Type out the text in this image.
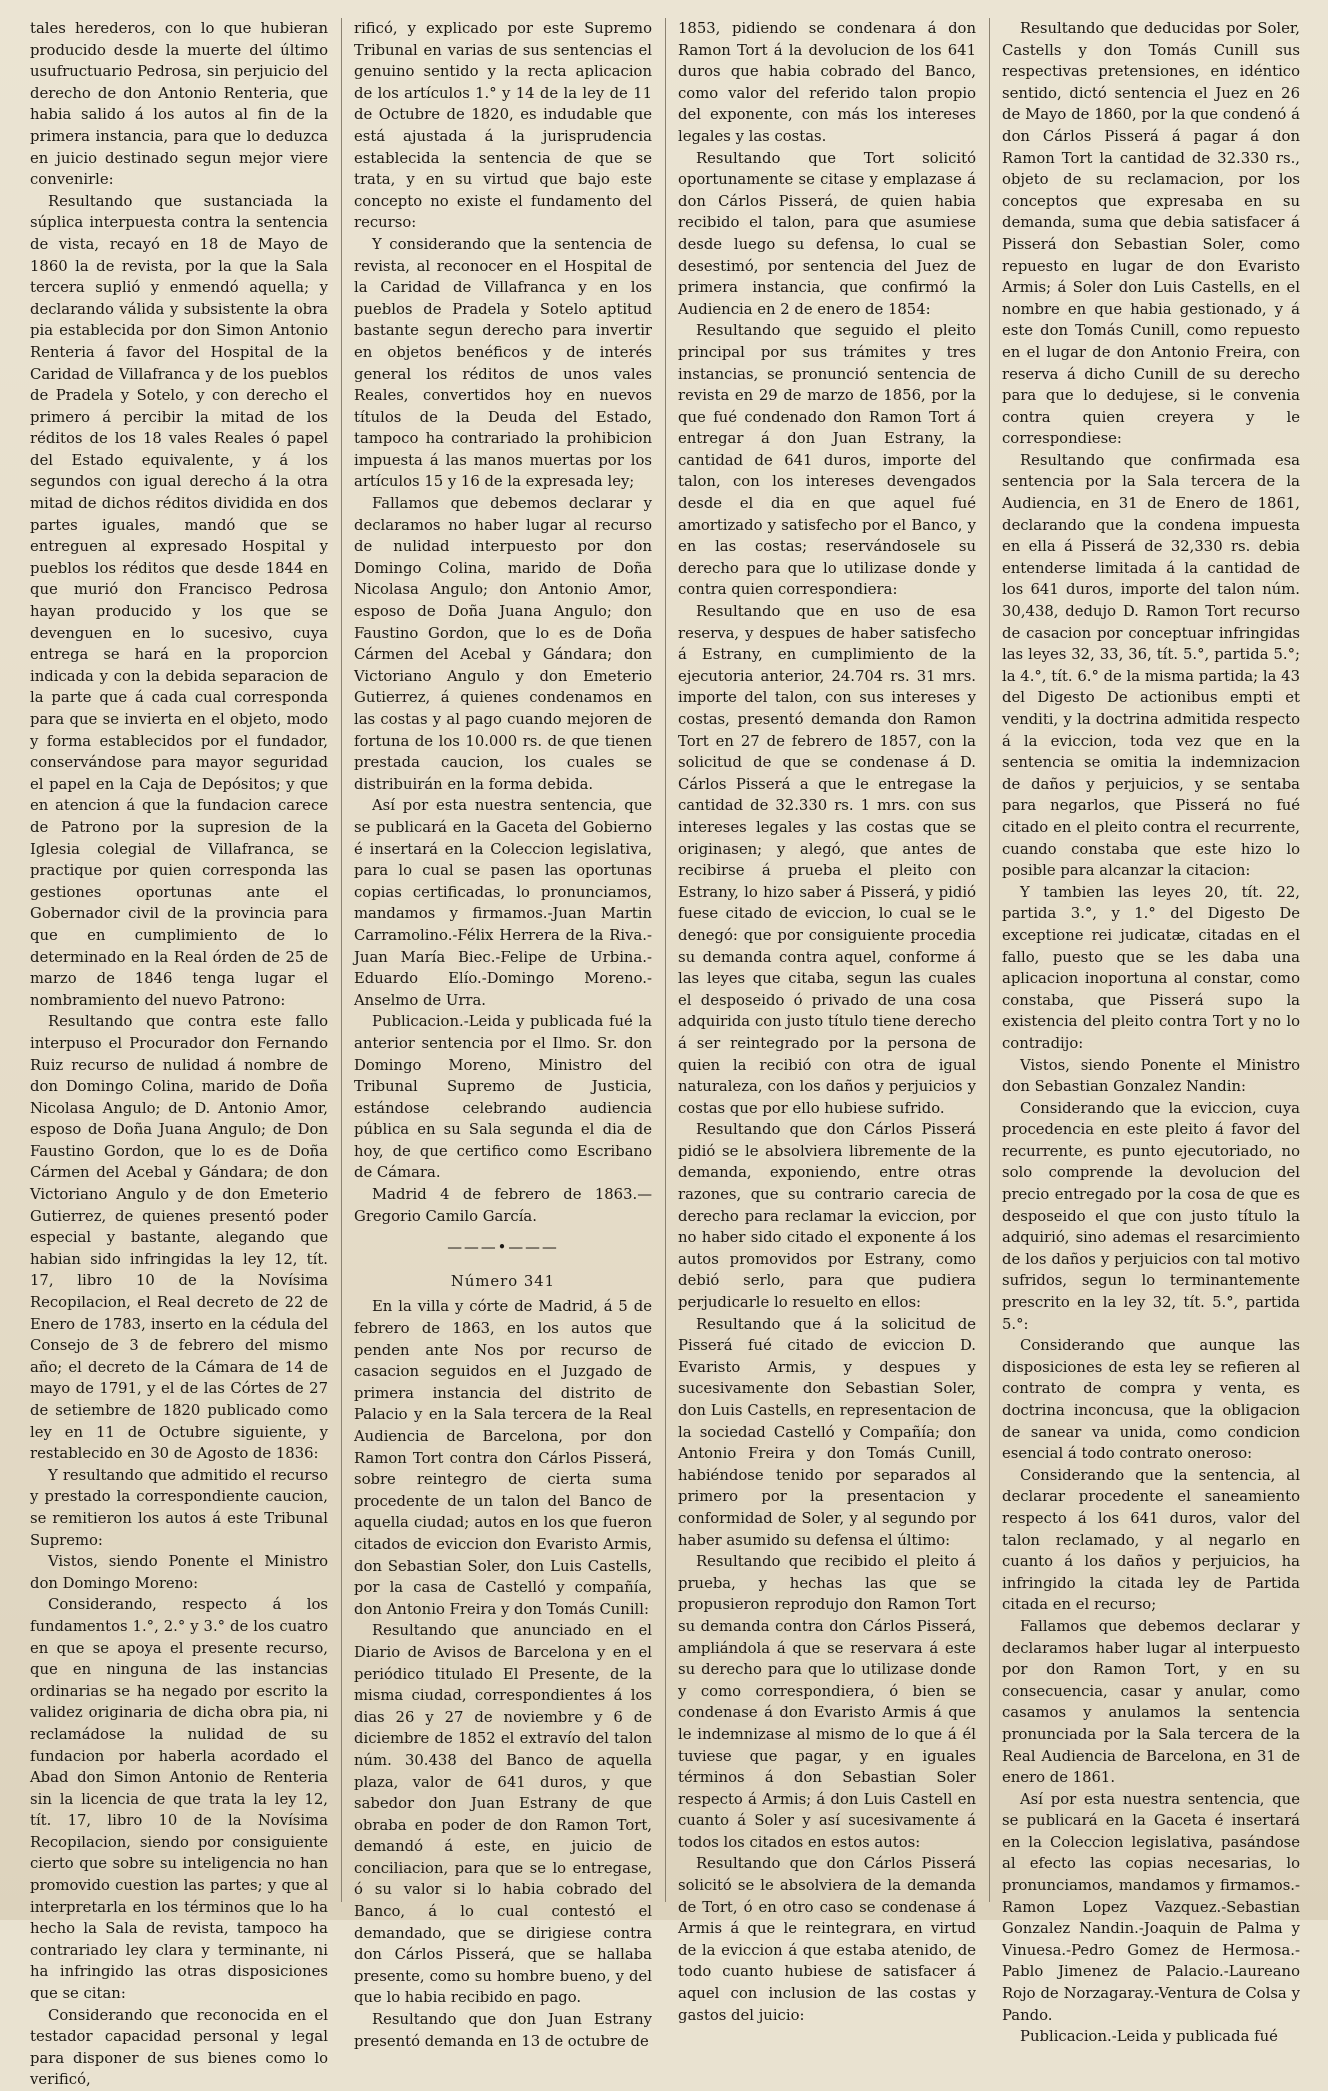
tales herederos, con lo que hubieran producido desde la muerte del último usufructuario Pedrosa, sin perjuicio del derecho de don Antonio Renteria, que habia salido á los autos al fin de la primera instancia, para que lo deduzca en juicio destinado segun mejor viere convenirle:

Resultando que sustanciada la súplica interpuesta contra la sentencia de vista, recayó en 18 de Mayo de 1860 la de revista, por la que la Sala tercera suplió y enmendó aquella; y declarando válida y subsistente la obra pia establecida por don Simon Antonio Renteria á favor del Hospital de la Caridad de Villafranca y de los pueblos de Pradela y Sotelo, y con derecho el primero á percibir la mitad de los réditos de los 18 vales Reales ó papel del Estado equivalente, y á los segundos con igual derecho á la otra mitad de dichos réditos dividida en dos partes iguales, mandó que se entreguen al expresado Hospital y pueblos los réditos que desde 1844 en que murió don Francisco Pedrosa hayan producido y los que se devenguen en lo sucesivo, cuya entrega se hará en la proporcion indicada y con la debida separacion de la parte que á cada cual corresponda para que se invierta en el objeto, modo y forma establecidos por el fundador, conservándose para mayor seguridad el papel en la Caja de Depósitos; y que en atencion á que la fundacion carece de Patrono por la supresion de la Iglesia colegial de Villafranca, se practique por quien corresponda las gestiones oportunas ante el Gobernador civil de la provincia para que en cumplimiento de lo determinado en la Real órden de 25 de marzo de 1846 tenga lugar el nombramiento del nuevo Patrono:

Resultando que contra este fallo interpuso el Procurador don Fernando Ruiz recurso de nulidad á nombre de don Domingo Colina, marido de Doña Nicolasa Angulo; de D. Antonio Amor, esposo de Doña Juana Angulo; de Don Faustino Gordon, que lo es de Doña Cármen del Acebal y Gándara; de don Victoriano Angulo y de don Emeterio Gutierrez, de quienes presentó poder especial y bastante, alegando que habian sido infringidas la ley 12, tít. 17, libro 10 de la Novísima Recopilacion, el Real decreto de 22 de Enero de 1783, inserto en la cédula del Consejo de 3 de febrero del mismo año; el decreto de la Cámara de 14 de mayo de 1791, y el de las Córtes de 27 de setiembre de 1820 publicado como ley en 11 de Octubre siguiente, y restablecido en 30 de Agosto de 1836:

Y resultando que admitido el recurso y prestado la correspondiente caucion, se remitieron los autos á este Tribunal Supremo:

Vistos, siendo Ponente el Ministro don Domingo Moreno:

Considerando, respecto á los fundamentos 1.°, 2.° y 3.° de los cuatro en que se apoya el presente recurso, que en ninguna de las instancias ordinarias se ha negado por escrito la validez originaria de dicha obra pia, ni reclamádose la nulidad de su fundacion por haberla acordado el Abad don Simon Antonio de Renteria sin la licencia de que trata la ley 12, tít. 17, libro 10 de la Novísima Recopilacion, siendo por consiguiente cierto que sobre su inteligencia no han promovido cuestion las partes; y que al interpretarla en los términos que lo ha hecho la Sala de revista, tampoco ha contrariado ley clara y terminante, ni ha infringido las otras disposiciones que se citan:

Considerando que reconocida en el testador capacidad personal y legal para disponer de sus bienes como lo verificó,

rificó, y explicado por este Supremo Tribunal en varias de sus sentencias el genuino sentido y la recta aplicacion de los artículos 1.° y 14 de la ley de 11 de Octubre de 1820, es indudable que está ajustada á la jurisprudencia establecida la sentencia de que se trata, y en su virtud que bajo este concepto no existe el fundamento del recurso:

Y considerando que la sentencia de revista, al reconocer en el Hospital de la Caridad de Villafranca y en los pueblos de Pradela y Sotelo aptitud bastante segun derecho para invertir en objetos benéficos y de interés general los réditos de unos vales Reales, convertidos hoy en nuevos títulos de la Deuda del Estado, tampoco ha contrariado la prohibicion impuesta á las manos muertas por los artículos 15 y 16 de la expresada ley;

Fallamos que debemos declarar y declaramos no haber lugar al recurso de nulidad interpuesto por don Domingo Colina, marido de Doña Nicolasa Angulo; don Antonio Amor, esposo de Doña Juana Angulo; don Faustino Gordon, que lo es de Doña Cármen del Acebal y Gándara; don Victoriano Angulo y don Emeterio Gutierrez, á quienes condenamos en las costas y al pago cuando mejoren de fortuna de los 10.000 rs. de que tienen prestada caucion, los cuales se distribuirán en la forma debida.

Así por esta nuestra sentencia, que se publicará en la Gaceta del Gobierno é insertará en la Coleccion legislativa, para lo cual se pasen las oportunas copias certificadas, lo pronunciamos, mandamos y firmamos.-Juan Martin Carramolino.-Félix Herrera de la Riva.-Juan María Biec.-Felipe de Urbina.-Eduardo Elío.-Domingo Moreno.-Anselmo de Urra.

Publicacion.-Leida y publicada fué la anterior sentencia por el Ilmo. Sr. don Domingo Moreno, Ministro del Tribunal Supremo de Justicia, estándose celebrando audiencia pública en su Sala segunda el dia de hoy, de que certifico como Escribano de Cámara.

Madrid 4 de febrero de 1863.—Gregorio Camilo García.

———•———

Número 341

En la villa y córte de Madrid, á 5 de febrero de 1863, en los autos que penden ante Nos por recurso de casacion seguidos en el Juzgado de primera instancia del distrito de Palacio y en la Sala tercera de la Real Audiencia de Barcelona, por don Ramon Tort contra don Cárlos Pisserá, sobre reintegro de cierta suma procedente de un talon del Banco de aquella ciudad; autos en los que fueron citados de eviccion don Evaristo Armis, don Sebastian Soler, don Luis Castells, por la casa de Castelló y compañía, don Antonio Freira y don Tomás Cunill:

Resultando que anunciado en el Diario de Avisos de Barcelona y en el periódico titulado El Presente, de la misma ciudad, correspondientes á los dias 26 y 27 de noviembre y 6 de diciembre de 1852 el extravío del talon núm. 30.438 del Banco de aquella plaza, valor de 641 duros, y que sabedor don Juan Estrany de que obraba en poder de don Ramon Tort, demandó á este, en juicio de conciliacion, para que se lo entregase, ó su valor si lo habia cobrado del Banco, á lo cual contestó el demandado, que se dirigiese contra don Cárlos Pisserá, que se hallaba presente, como su hombre bueno, y del que lo habia recibido en pago.

Resultando que don Juan Estrany presentó demanda en 13 de octubre de

1853, pidiendo se condenara á don Ramon Tort á la devolucion de los 641 duros que habia cobrado del Banco, como valor del referido talon propio del exponente, con más los intereses legales y las costas.

Resultando que Tort solicitó oportunamente se citase y emplazase á don Cárlos Pisserá, de quien habia recibido el talon, para que asumiese desde luego su defensa, lo cual se desestimó, por sentencia del Juez de primera instancia, que confirmó la Audiencia en 2 de enero de 1854:

Resultando que seguido el pleito principal por sus trámites y tres instancias, se pronunció sentencia de revista en 29 de marzo de 1856, por la que fué condenado don Ramon Tort á entregar á don Juan Estrany, la cantidad de 641 duros, importe del talon, con los intereses devengados desde el dia en que aquel fué amortizado y satisfecho por el Banco, y en las costas; reservándosele su derecho para que lo utilizase donde y contra quien correspondiera:

Resultando que en uso de esa reserva, y despues de haber satisfecho á Estrany, en cumplimiento de la ejecutoria anterior, 24.704 rs. 31 mrs. importe del talon, con sus intereses y costas, presentó demanda don Ramon Tort en 27 de febrero de 1857, con la solicitud de que se condenase á D. Cárlos Pisserá a que le entregase la cantidad de 32.330 rs. 1 mrs. con sus intereses legales y las costas que se originasen; y alegó, que antes de recibirse á prueba el pleito con Estrany, lo hizo saber á Pisserá, y pidió fuese citado de eviccion, lo cual se le denegó: que por consiguiente procedia su demanda contra aquel, conforme á las leyes que citaba, segun las cuales el desposeido ó privado de una cosa adquirida con justo título tiene derecho á ser reintegrado por la persona de quien la recibió con otra de igual naturaleza, con los daños y perjuicios y costas que por ello hubiese sufrido.

Resultando que don Cárlos Pisserá pidió se le absolviera libremente de la demanda, exponiendo, entre otras razones, que su contrario carecia de derecho para reclamar la eviccion, por no haber sido citado el exponente á los autos promovidos por Estrany, como debió serlo, para que pudiera perjudicarle lo resuelto en ellos:

Resultando que á la solicitud de Pisserá fué citado de eviccion D. Evaristo Armis, y despues y sucesivamente don Sebastian Soler, don Luis Castells, en representacion de la sociedad Castelló y Compañía; don Antonio Freira y don Tomás Cunill, habiéndose tenido por separados al primero por la presentacion y conformidad de Soler, y al segundo por haber asumido su defensa el último:

Resultando que recibido el pleito á prueba, y hechas las que se propusieron reprodujo don Ramon Tort su demanda contra don Cárlos Pisserá, ampliándola á que se reservara á este su derecho para que lo utilizase donde y como correspondiera, ó bien se condenase á don Evaristo Armis á que le indemnizase al mismo de lo que á él tuviese que pagar, y en iguales términos á don Sebastian Soler respecto á Armis; á don Luis Castell en cuanto á Soler y así sucesivamente á todos los citados en estos autos:

Resultando que don Cárlos Pisserá solicitó se le absolviera de la demanda de Tort, ó en otro caso se condenase á Armis á que le reintegrara, en virtud de la eviccion á que estaba atenido, de todo cuanto hubiese de satisfacer á aquel con inclusion de las costas y gastos del juicio:

Resultando que deducidas por Soler, Castells y don Tomás Cunill sus respectivas pretensiones, en idéntico sentido, dictó sentencia el Juez en 26 de Mayo de 1860, por la que condenó á don Cárlos Pisserá á pagar á don Ramon Tort la cantidad de 32.330 rs., objeto de su reclamacion, por los conceptos que expresaba en su demanda, suma que debia satisfacer á Pisserá don Sebastian Soler, como repuesto en lugar de don Evaristo Armis; á Soler don Luis Castells, en el nombre en que habia gestionado, y á este don Tomás Cunill, como repuesto en el lugar de don Antonio Freira, con reserva á dicho Cunill de su derecho para que lo dedujese, si le convenia contra quien creyera y le correspondiese:

Resultando que confirmada esa sentencia por la Sala tercera de la Audiencia, en 31 de Enero de 1861, declarando que la condena impuesta en ella á Pisserá de 32,330 rs. debia entenderse limitada á la cantidad de los 641 duros, importe del talon núm. 30,438, dedujo D. Ramon Tort recurso de casacion por conceptuar infringidas las leyes 32, 33, 36, tít. 5.°, partida 5.°; la 4.°, tít. 6.° de la misma partida; la 43 del Digesto De actionibus empti et venditi, y la doctrina admitida respecto á la eviccion, toda vez que en la sentencia se omitia la indemnizacion de daños y perjuicios, y se sentaba para negarlos, que Pisserá no fué citado en el pleito contra el recurrente, cuando constaba que este hizo lo posible para alcanzar la citacion:

Y tambien las leyes 20, tít. 22, partida 3.°, y 1.° del Digesto De exceptione rei judicatæ, citadas en el fallo, puesto que se les daba una aplicacion inoportuna al constar, como constaba, que Pisserá supo la existencia del pleito contra Tort y no lo contradijo:

Vistos, siendo Ponente el Ministro don Sebastian Gonzalez Nandin:

Considerando que la eviccion, cuya procedencia en este pleito á favor del recurrente, es punto ejecutoriado, no solo comprende la devolucion del precio entregado por la cosa de que es desposeido el que con justo título la adquirió, sino ademas el resarcimiento de los daños y perjuicios con tal motivo sufridos, segun lo terminantemente prescrito en la ley 32, tít. 5.°, partida 5.°:

Considerando que aunque las disposiciones de esta ley se refieren al contrato de compra y venta, es doctrina inconcusa, que la obligacion de sanear va unida, como condicion esencial á todo contrato oneroso:

Considerando que la sentencia, al declarar procedente el saneamiento respecto á los 641 duros, valor del talon reclamado, y al negarlo en cuanto á los daños y perjuicios, ha infringido la citada ley de Partida citada en el recurso;

Fallamos que debemos declarar y declaramos haber lugar al interpuesto por don Ramon Tort, y en su consecuencia, casar y anular, como casamos y anulamos la sentencia pronunciada por la Sala tercera de la Real Audiencia de Barcelona, en 31 de enero de 1861.

Así por esta nuestra sentencia, que se publicará en la Gaceta é insertará en la Coleccion legislativa, pasándose al efecto las copias necesarias, lo pronunciamos, mandamos y firmamos.-Ramon Lopez Vazquez.-Sebastian Gonzalez Nandin.-Joaquin de Palma y Vinuesa.-Pedro Gomez de Hermosa.-Pablo Jimenez de Palacio.-Laureano Rojo de Norzagaray.-Ventura de Colsa y Pando.

Publicacion.-Leida y publicada fué
